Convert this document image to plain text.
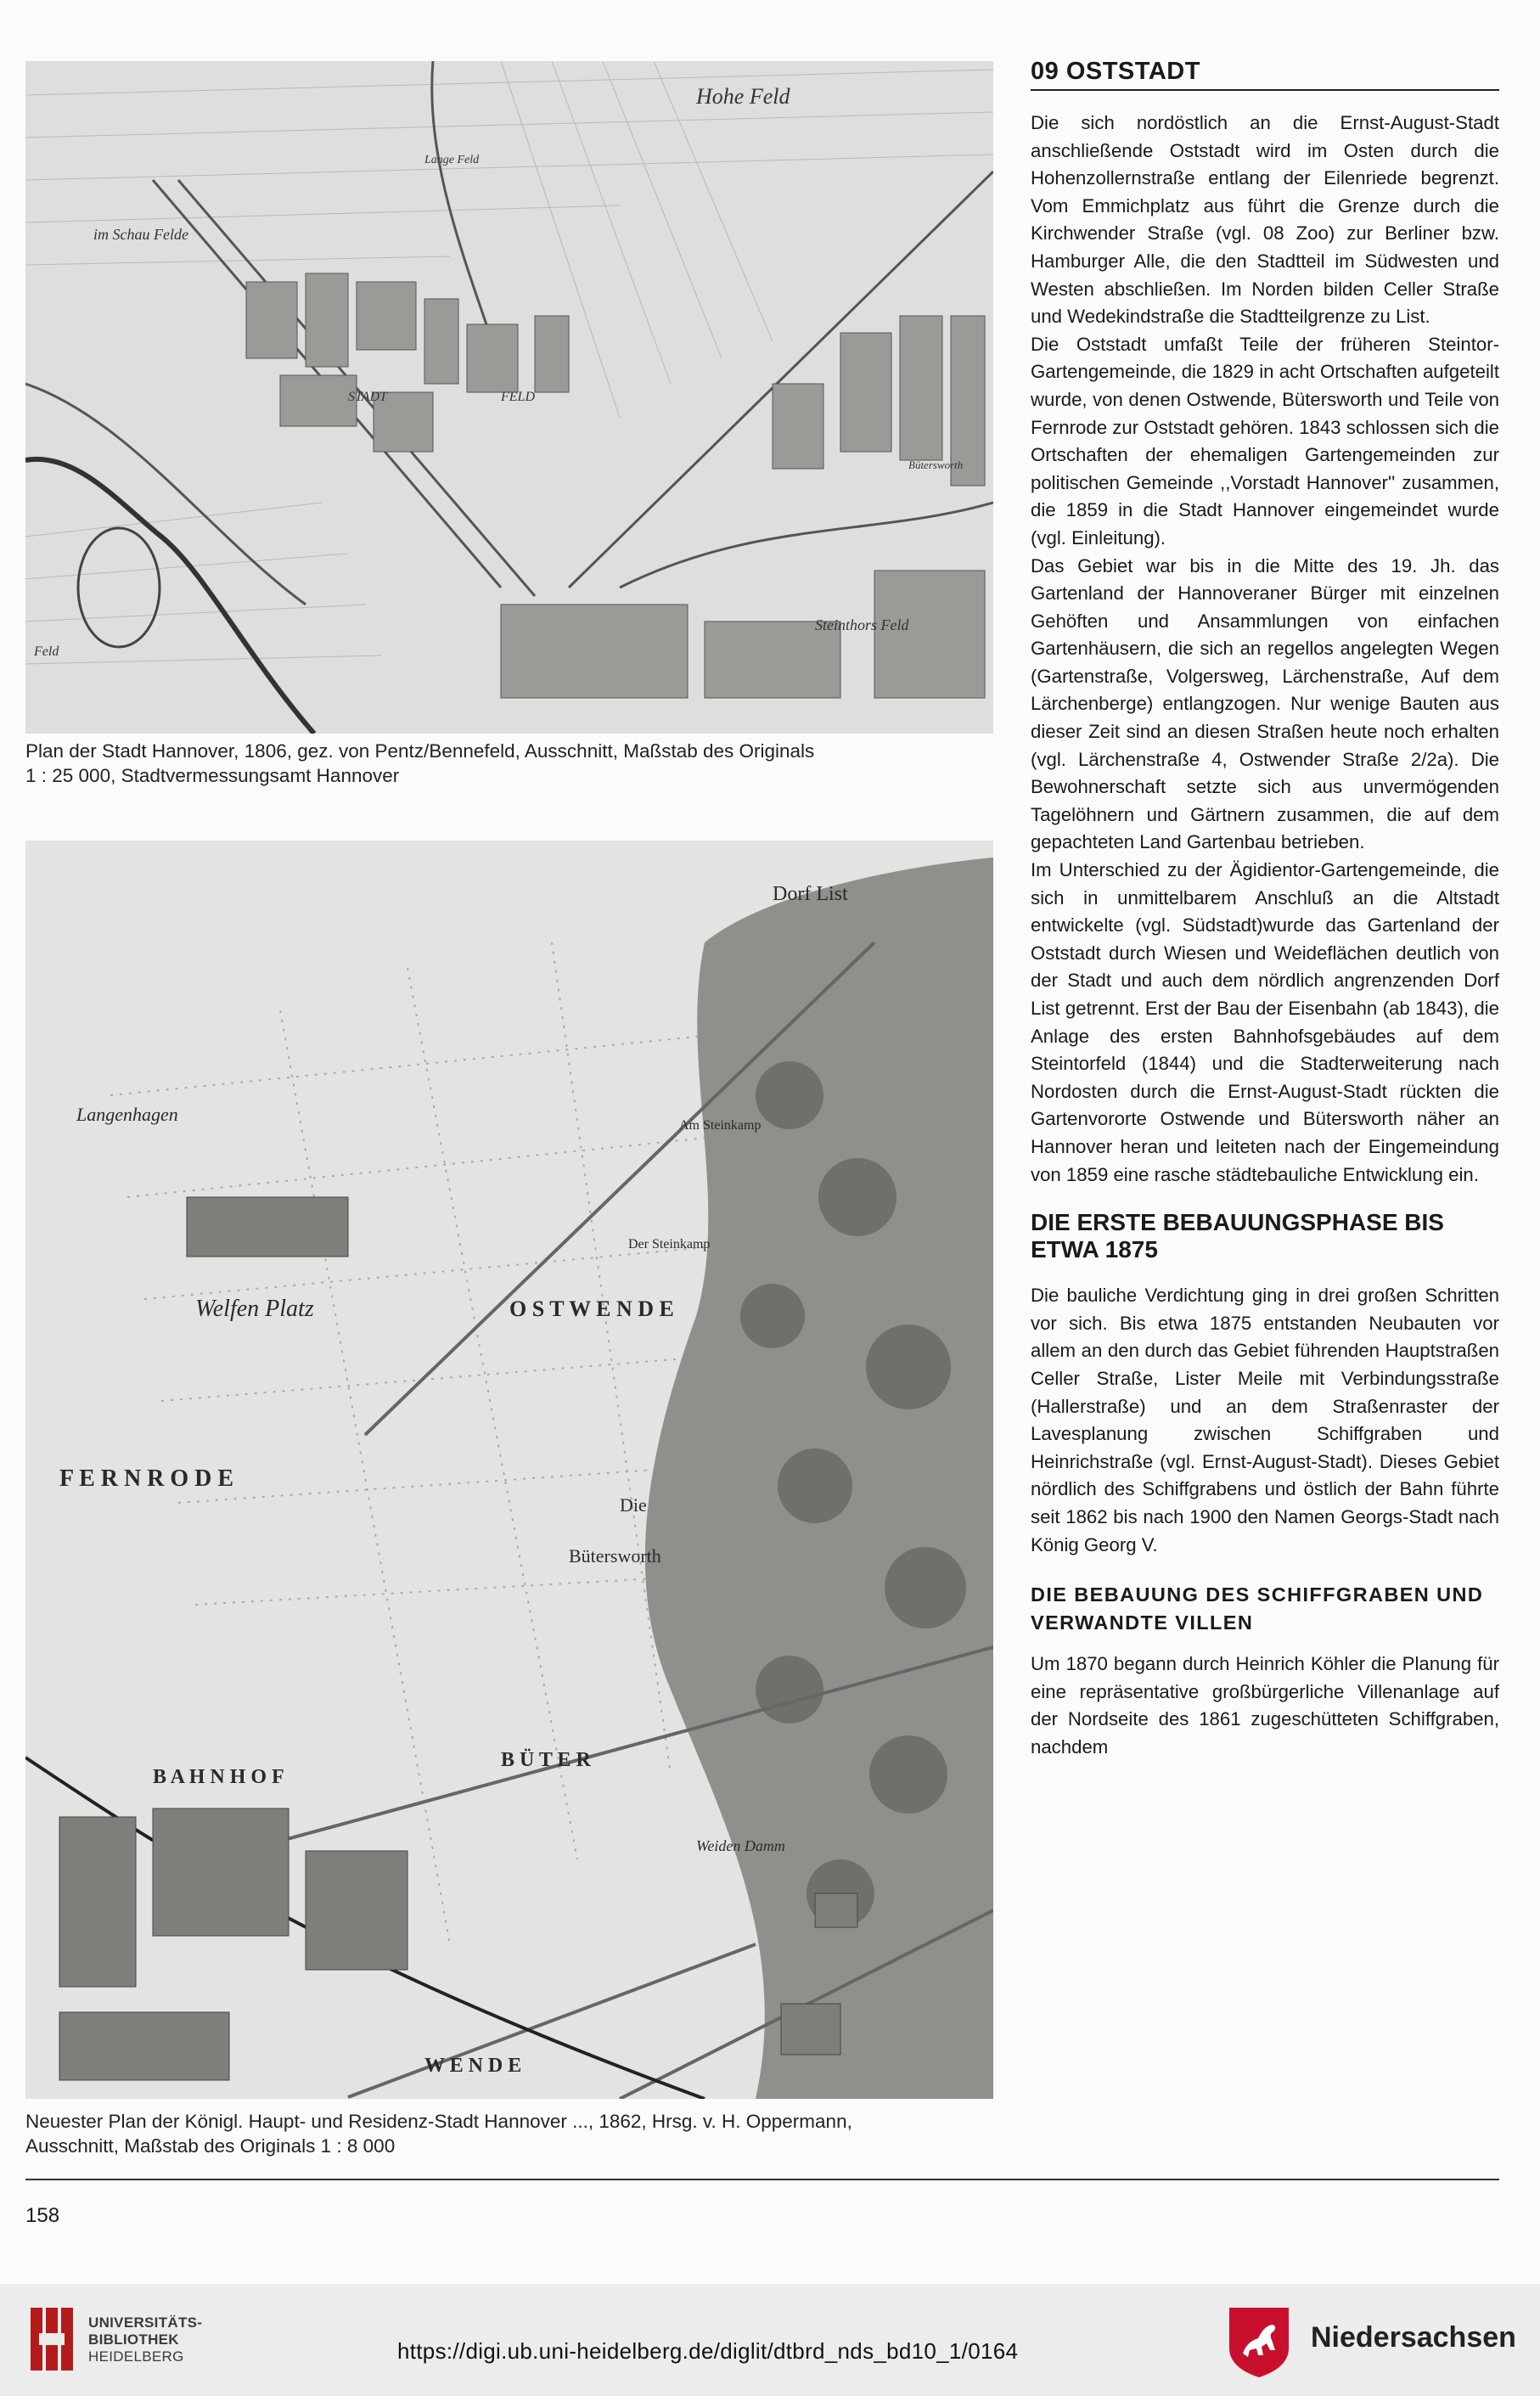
Hohe Feld
Lange Feld
im Schau Felde
STADT	FELD
Bütersworth
Steinthors Feld
Feld
Plan der Stadt Hannover, 1806, gez. von Pentz/Bennefeld, Ausschnitt, Maßstab des Originals
1 : 25 000, Stadtvermessungsamt Hannover
Dorf List
Welfen Platz
Am Steinkamp
Der Steinkamp
O S T W E N D E
F E R N R O D E
Die
Bütersworth
B A H N H O F
B Ü T E R
W E N D E
Weiden Damm
Langenhagen
Neuester Plan der Königl. Haupt- und Residenz-Stadt Hannover ..., 1862, Hrsg. v. H. Oppermann,
Ausschnitt, Maßstab des Originals 1 : 8 000
09 OSTSTADT

Die sich nordöstlich an die Ernst-August-Stadt anschließende Oststadt wird im Osten durch die Hohenzollernstraße entlang der Eilenriede begrenzt. Vom Emmichplatz aus führt die Grenze durch die Kirchwender Straße (vgl. 08 Zoo) zur Berliner bzw. Hamburger Alle, die den Stadtteil im Südwesten und Westen abschließen. Im Norden bilden Celler Straße und Wedekindstraße die Stadtteilgrenze zu List.

Die Oststadt umfaßt Teile der früheren Steintor-Gartengemeinde, die 1829 in acht Ortschaften aufgeteilt wurde, von denen Ostwende, Bütersworth und Teile von Fernrode zur Oststadt gehören. 1843 schlossen sich die Ortschaften der ehemaligen Gartengemeinden zur politischen Gemeinde ,,Vorstadt Hannover'' zusammen, die 1859 in die Stadt Hannover eingemeindet wurde (vgl. Einleitung).

Das Gebiet war bis in die Mitte des 19. Jh. das Gartenland der Hannoveraner Bürger mit einzelnen Gehöften und Ansammlungen von einfachen Gartenhäusern, die sich an regellos angelegten Wegen (Gartenstraße, Volgersweg, Lärchenstraße, Auf dem Lärchenberge) entlangzogen. Nur wenige Bauten aus dieser Zeit sind an diesen Straßen heute noch erhalten (vgl. Lärchenstraße 4, Ostwender Straße 2/2a). Die Bewohnerschaft setzte sich aus unvermögenden Tagelöhnern und Gärtnern zusammen, die auf dem gepachteten Land Gartenbau betrieben.

Im Unterschied zu der Ägidientor-Gartengemeinde, die sich in unmittelbarem Anschluß an die Altstadt entwickelte (vgl. Südstadt)wurde das Gartenland der Oststadt durch Wiesen und Weideflächen deutlich von der Stadt und auch dem nördlich angrenzenden Dorf List getrennt. Erst der Bau der Eisenbahn (ab 1843), die Anlage des ersten Bahnhofsgebäudes auf dem Steintorfeld (1844) und die Stadterweiterung nach Nordosten durch die Ernst-August-Stadt rückten die Gartenvororte Ostwende und Bütersworth näher an Hannover heran und leiteten nach der Eingemeindung von 1859 eine rasche städtebauliche Entwicklung ein.

DIE ERSTE BEBAUUNGSPHASE BIS ETWA 1875

Die bauliche Verdichtung ging in drei großen Schritten vor sich. Bis etwa 1875 entstanden Neubauten vor allem an den durch das Gebiet führenden Hauptstraßen Celler Straße, Lister Meile mit Verbindungsstraße (Hallerstraße) und an dem Straßenraster der Lavesplanung zwischen Schiffgraben und Heinrichstraße (vgl. Ernst-August-Stadt). Dieses Gebiet nördlich des Schiffgrabens und östlich der Bahn führte seit 1862 bis nach 1900 den Namen Georgs-Stadt nach König Georg V.

DIE BEBAUUNG DES SCHIFFGRABEN UND VERWANDTE VILLEN

Um 1870 begann durch Heinrich Köhler die Planung für eine repräsentative großbürgerliche Villenanlage auf der Nordseite des 1861 zugeschütteten Schiffgraben, nachdem

158
UNIVERSITÄTS-
BIBLIOTHEK
HEIDELBERG	https://digi.ub.uni-heidelberg.de/diglit/dtbrd_nds_bd10_1/0164	Niedersachsen
